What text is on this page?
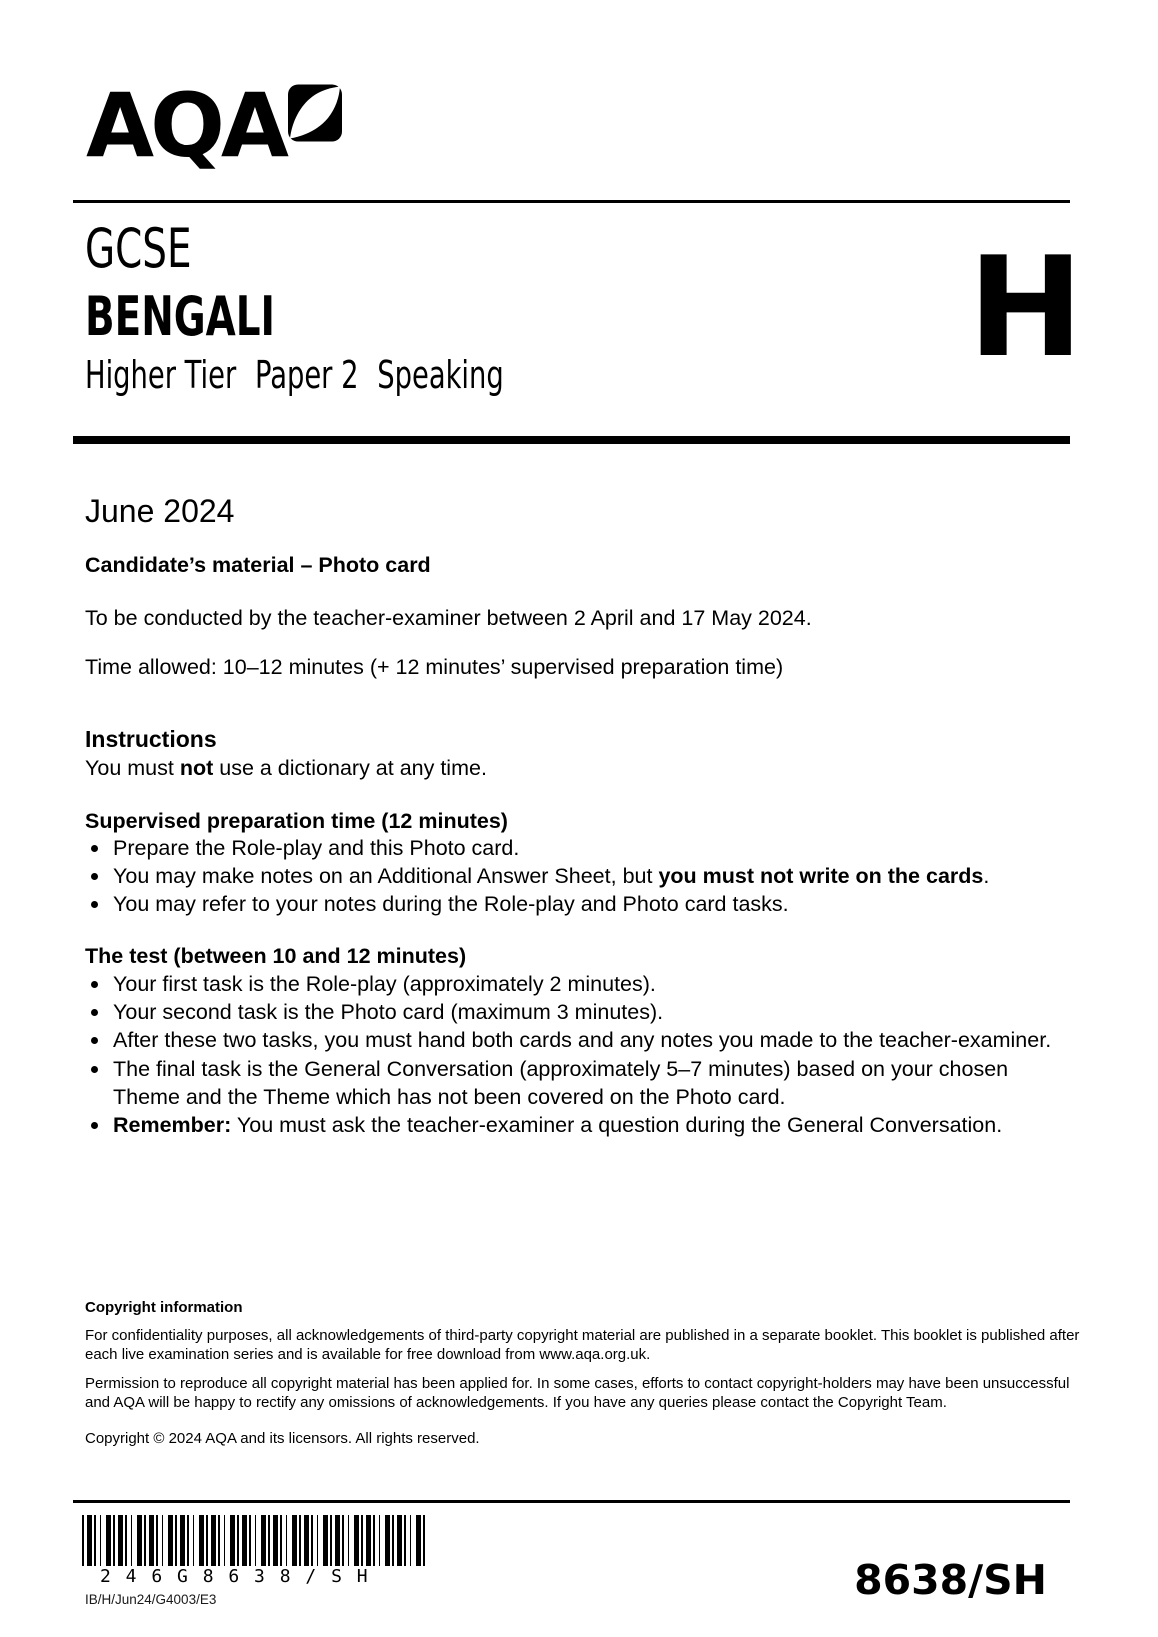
AQA
GCSE
BENGALI
Higher Tier Paper 2 Speaking	H
June 2024
Candidate’s material – Photo card
To be conducted by the teacher-examiner between 2 April and 17 May 2024.
Time allowed: 10–12 minutes (+ 12 minutes’ supervised preparation time)
Instructions
You must not use a dictionary at any time.
Supervised preparation time (12 minutes)
Prepare the Role-play and this Photo card.
You may make notes on an Additional Answer Sheet, but you must not write on the cards.
You may refer to your notes during the Role-play and Photo card tasks.
The test (between 10 and 12 minutes)
Your first task is the Role-play (approximately 2 minutes).
Your second task is the Photo card (maximum 3 minutes).
After these two tasks, you must hand both cards and any notes you made to the teacher-examiner.
The final task is the General Conversation (approximately 5–7 minutes) based on your chosen Theme and the Theme which has not been covered on the Photo card.
Remember: You must ask the teacher-examiner a question during the General Conversation.
Copyright information
For confidentiality purposes, all acknowledgements of third-party copyright material are published in a separate booklet. This booklet is published after each live examination series and is available for free download from www.aqa.org.uk.
Permission to reproduce all copyright material has been applied for. In some cases, efforts to contact copyright-holders may have been unsuccessful and AQA will be happy to rectify any omissions of acknowledgements. If you have any queries please contact the Copyright Team.
Copyright © 2024 AQA and its licensors. All rights reserved.
2 4 6 G 8 6 3 8 / S H
IB/H/Jun24/G4003/E3	8638/SH
